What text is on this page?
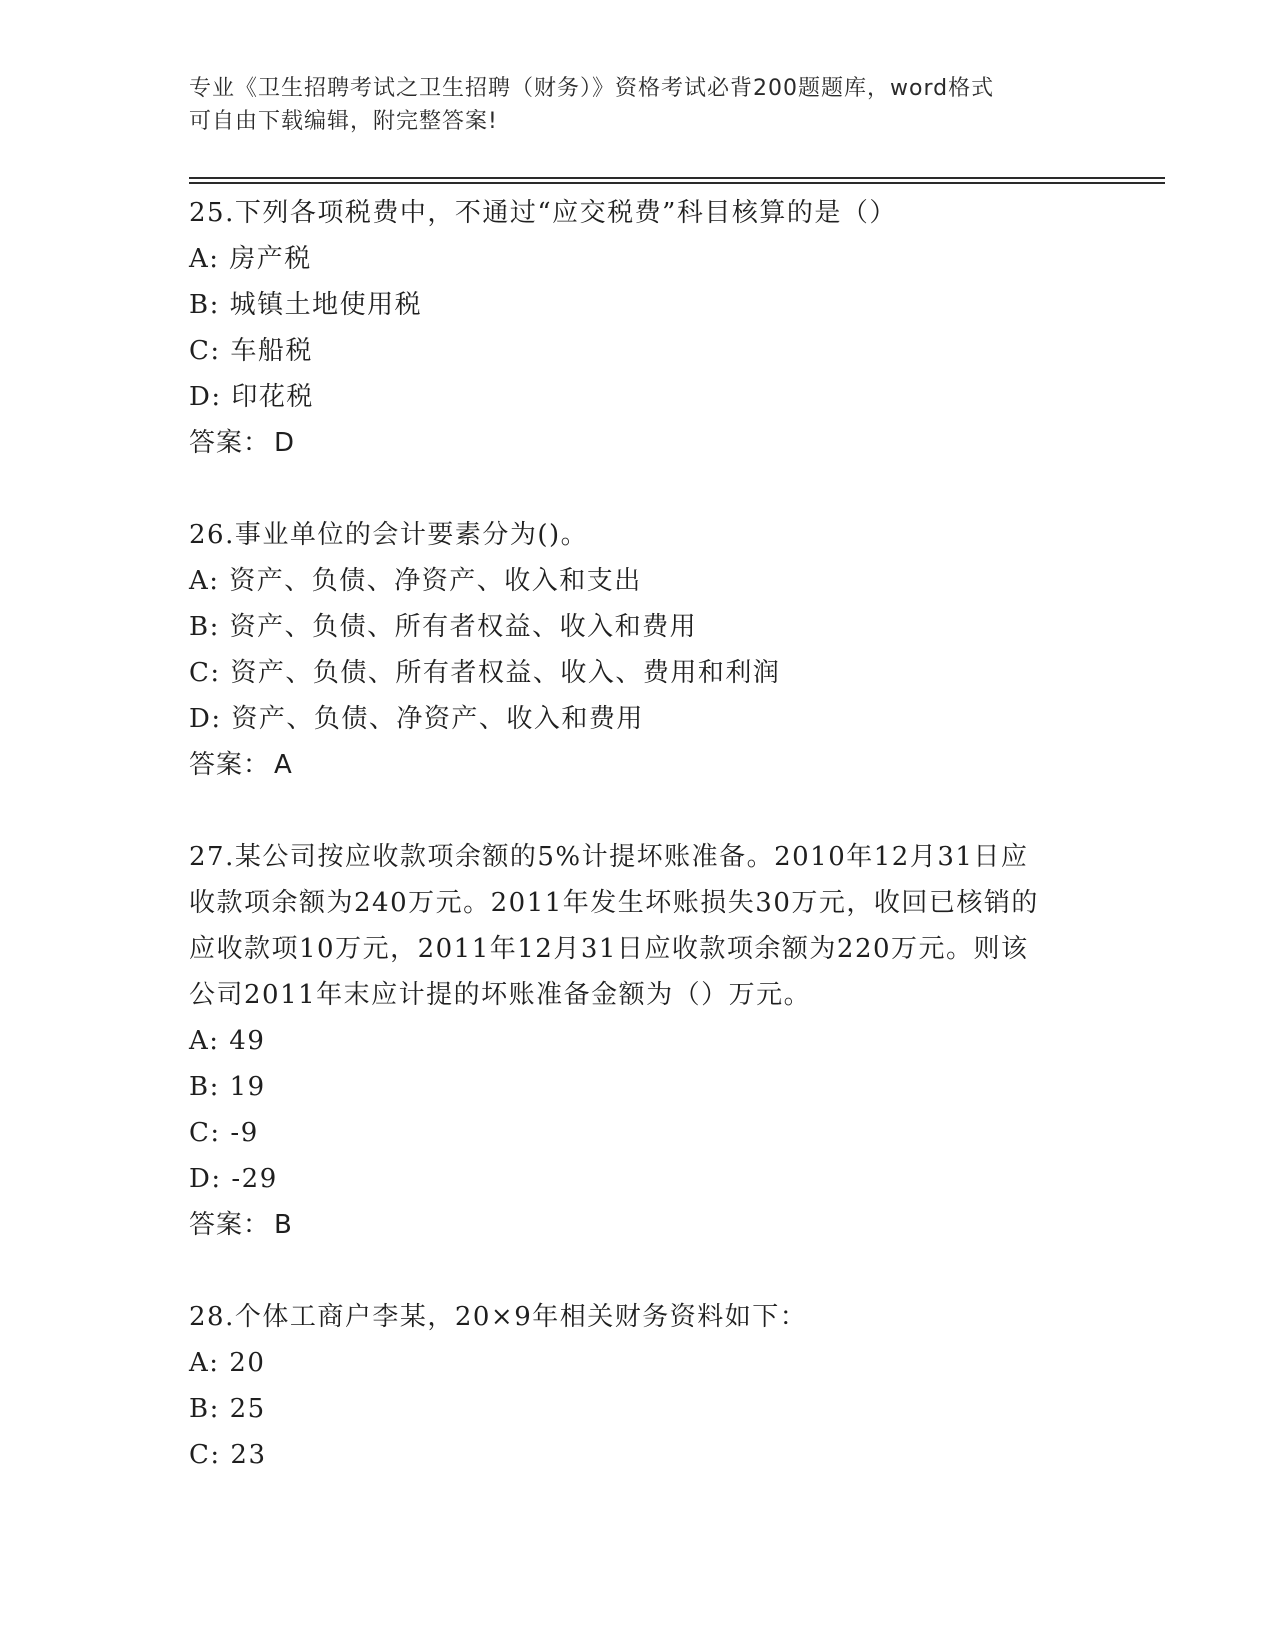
专业《卫生招聘考试之卫生招聘（财务）》资格考试必背200题题库，word格式
可自由下载编辑，附完整答案!

25.下列各项税费中，不通过“应交税费”科目核算的是（）

A: 房产税

B: 城镇土地使用税

C: 车船税

D: 印花税

答案： D

26.事业单位的会计要素分为()。

A: 资产、负债、净资产、收入和支出

B: 资产、负债、所有者权益、收入和费用

C: 资产、负债、所有者权益、收入、费用和利润

D: 资产、负债、净资产、收入和费用

答案： A

27.某公司按应收款项余额的5%计提坏账准备。2010年12月31日应

收款项余额为240万元。2011年发生坏账损失30万元，收回已核销的

应收款项10万元，2011年12月31日应收款项余额为220万元。则该

公司2011年末应计提的坏账准备金额为（）万元。

A: 49

B: 19

C: -9

D: -29

答案： B

28.个体工商户李某，20×9年相关财务资料如下：

A: 20

B: 25

C: 23
